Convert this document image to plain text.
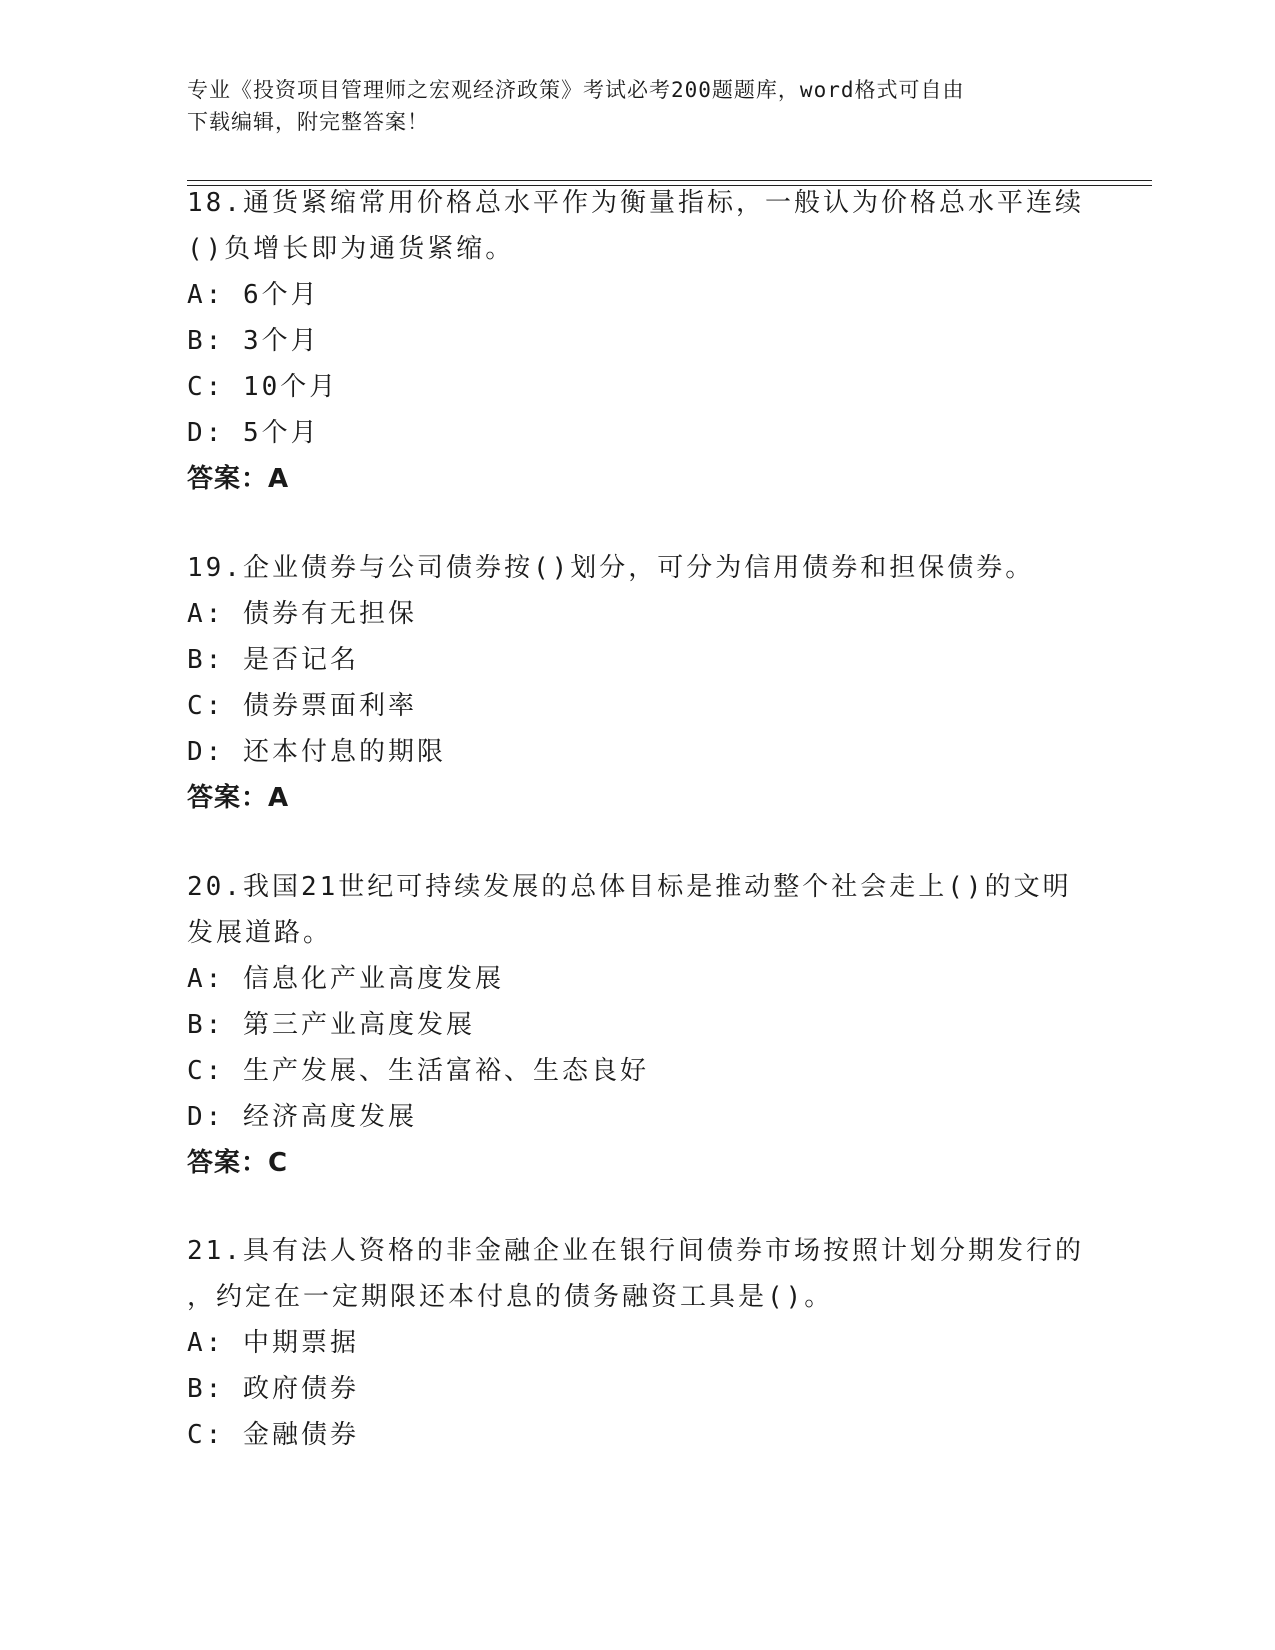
专业《投资项目管理师之宏观经济政策》考试必考200题题库，word格式可自由
下载编辑，附完整答案！
18.通货紧缩常用价格总水平作为衡量指标，一般认为价格总水平连续
()负增长即为通货紧缩。
A: 6个月
B: 3个月
C: 10个月
D: 5个月
答案：A
19.企业债券与公司债券按()划分，可分为信用债券和担保债券。
A: 债券有无担保
B: 是否记名
C: 债券票面利率
D: 还本付息的期限
答案：A
20.我国21世纪可持续发展的总体目标是推动整个社会走上()的文明
发展道路。
A: 信息化产业高度发展
B: 第三产业高度发展
C: 生产发展、生活富裕、生态良好
D: 经济高度发展
答案：C
21.具有法人资格的非金融企业在银行间债券市场按照计划分期发行的
，约定在一定期限还本付息的债务融资工具是()。
A: 中期票据
B: 政府债券
C: 金融债券
